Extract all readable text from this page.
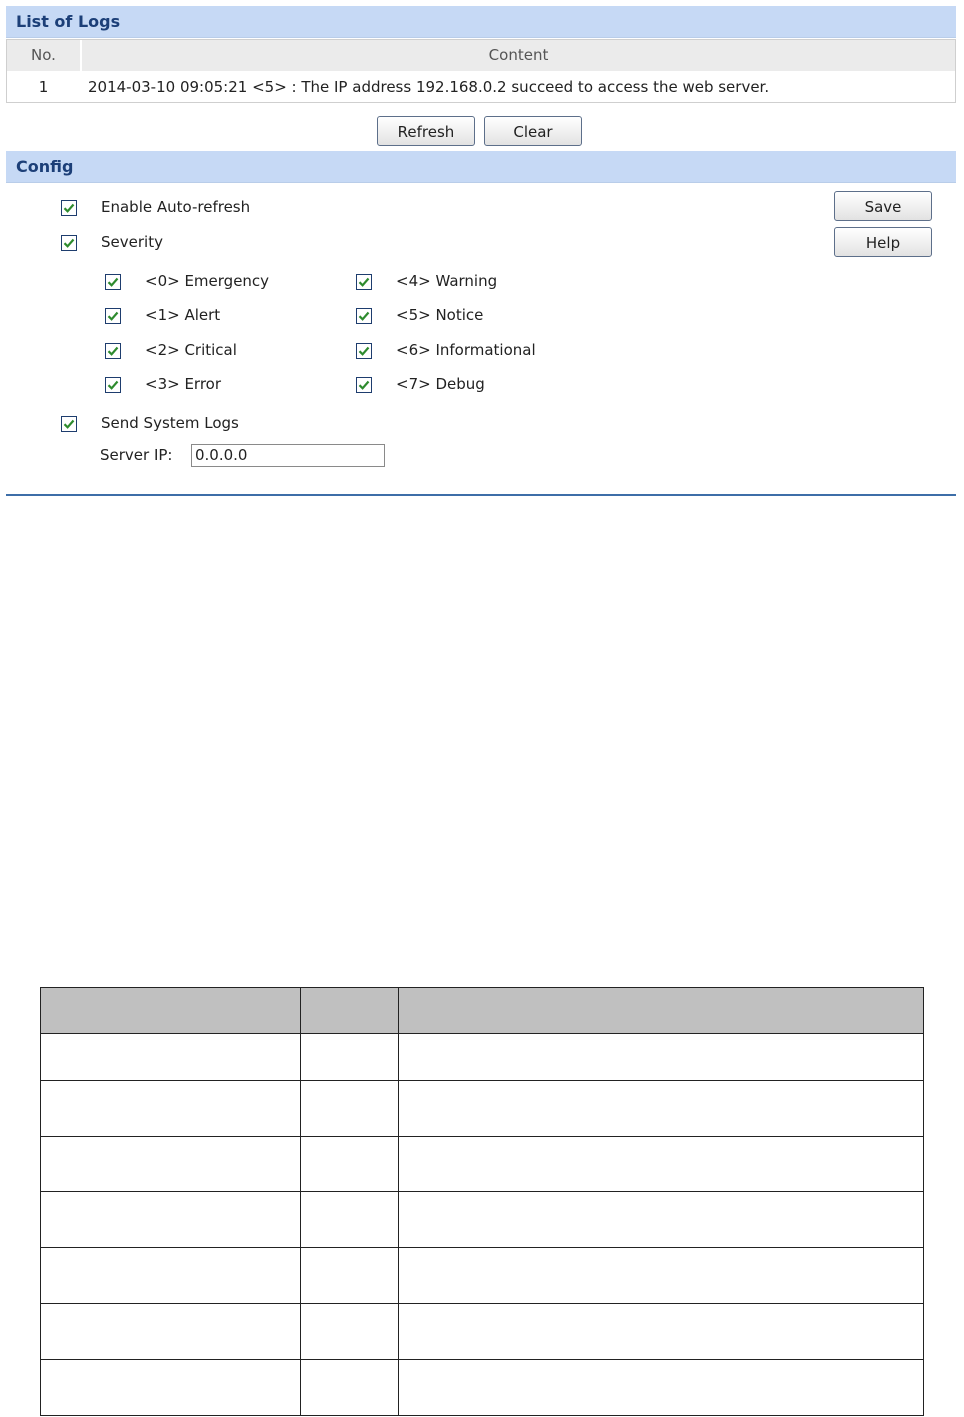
List of Logs
No.	Content
1	2014-03-10 09:05:21 <5> : The IP address 192.168.0.2 succeed to access the web server.
Refresh	Clear
Config
Enable Auto-refresh
Severity
<0> Emergency
<1> Alert
<2> Critical
<3> Error
<4> Warning
<5> Notice
<6> Informational
<7> Debug
Send System Logs
Server IP: 0.0.0.0
Save
Help
